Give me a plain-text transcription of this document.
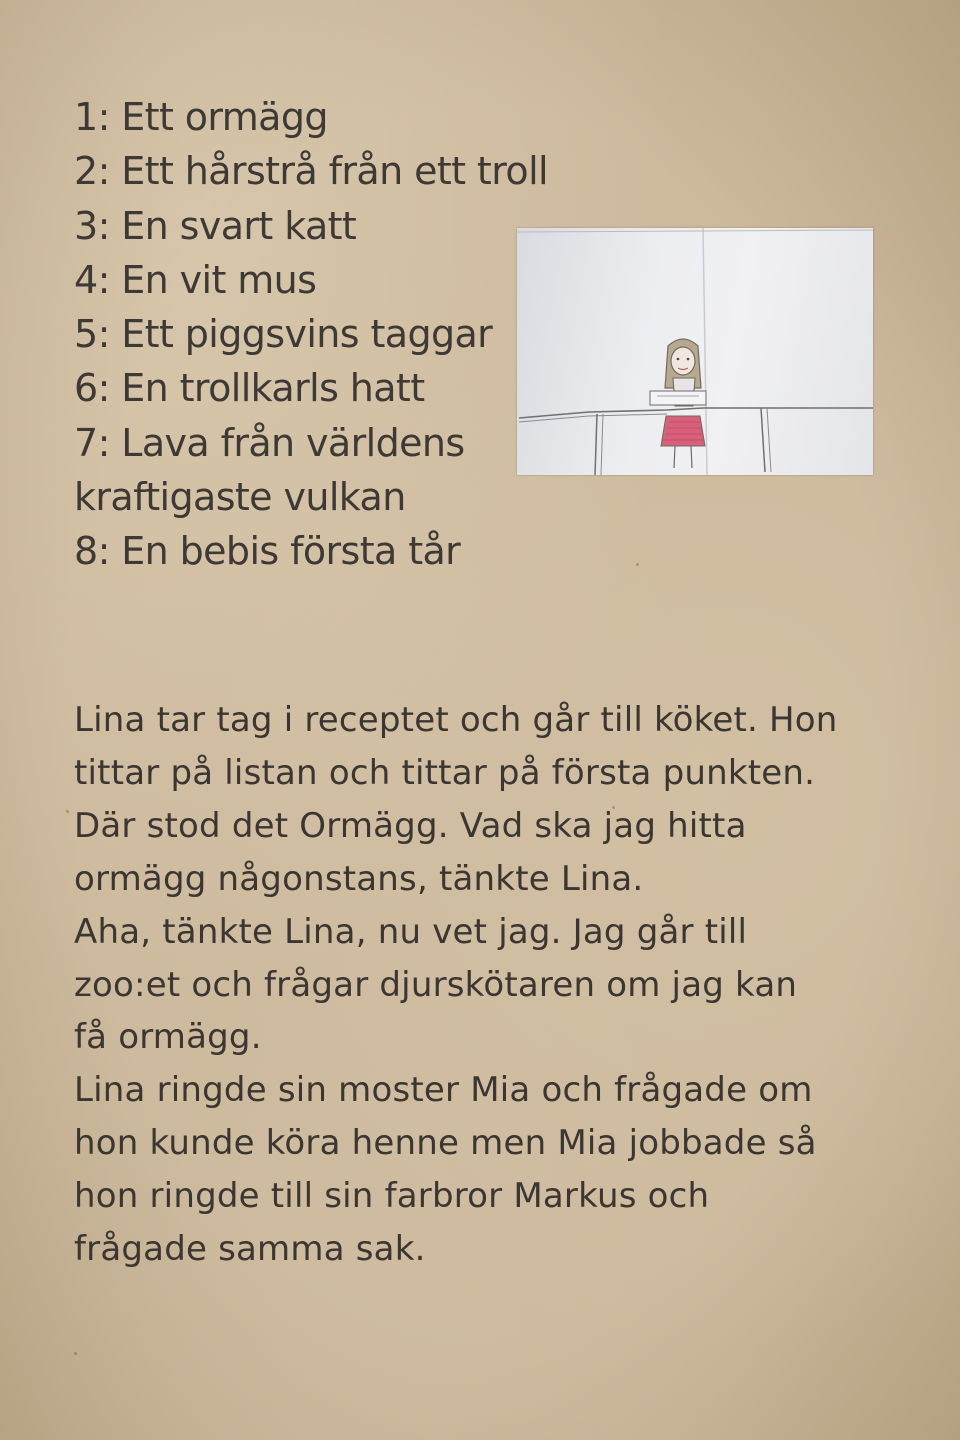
1: Ett ormägg
2: Ett hårstrå från ett troll
3: En svart katt
4: En vit mus
5: Ett piggsvins taggar
6: En trollkarls hatt
7: Lava från världens
kraftigaste vulkan
8: En bebis första tår

Lina tar tag i receptet och går till köket. Hon
tittar på listan och tittar på första punkten.
Där stod det Ormägg. Vad ska jag hitta
ormägg någonstans, tänkte Lina.

Aha, tänkte Lina, nu vet jag. Jag går till
zoo:et och frågar djurskötaren om jag kan
få ormägg.

Lina ringde sin moster Mia och frågade om
hon kunde köra henne men Mia jobbade så
hon ringde till sin farbror Markus och
frågade samma sak.
